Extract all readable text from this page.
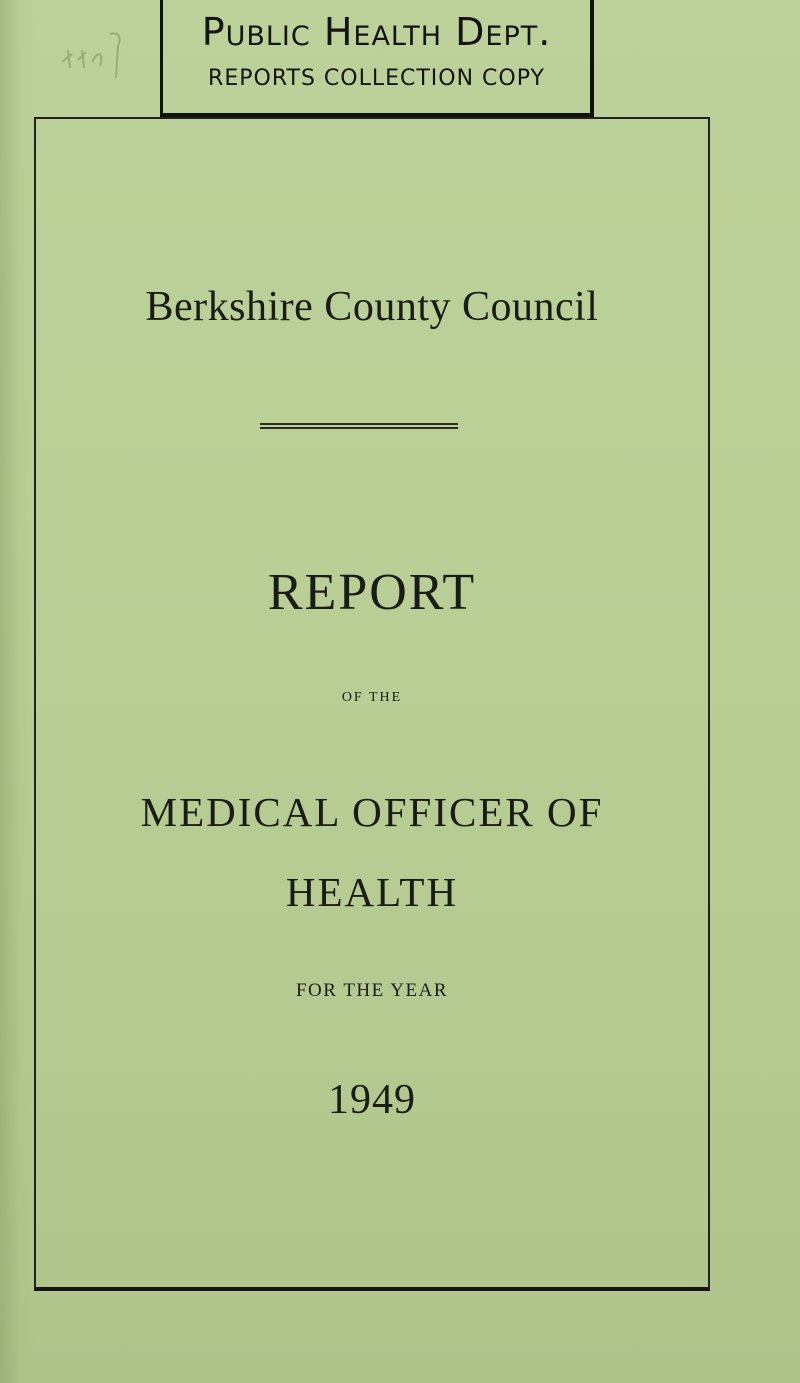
Public Health Dept.
REPORTS COLLECTION COPY
Berkshire County Council
REPORT
OF THE
MEDICAL OFFICER OF
HEALTH
FOR THE YEAR
1949
